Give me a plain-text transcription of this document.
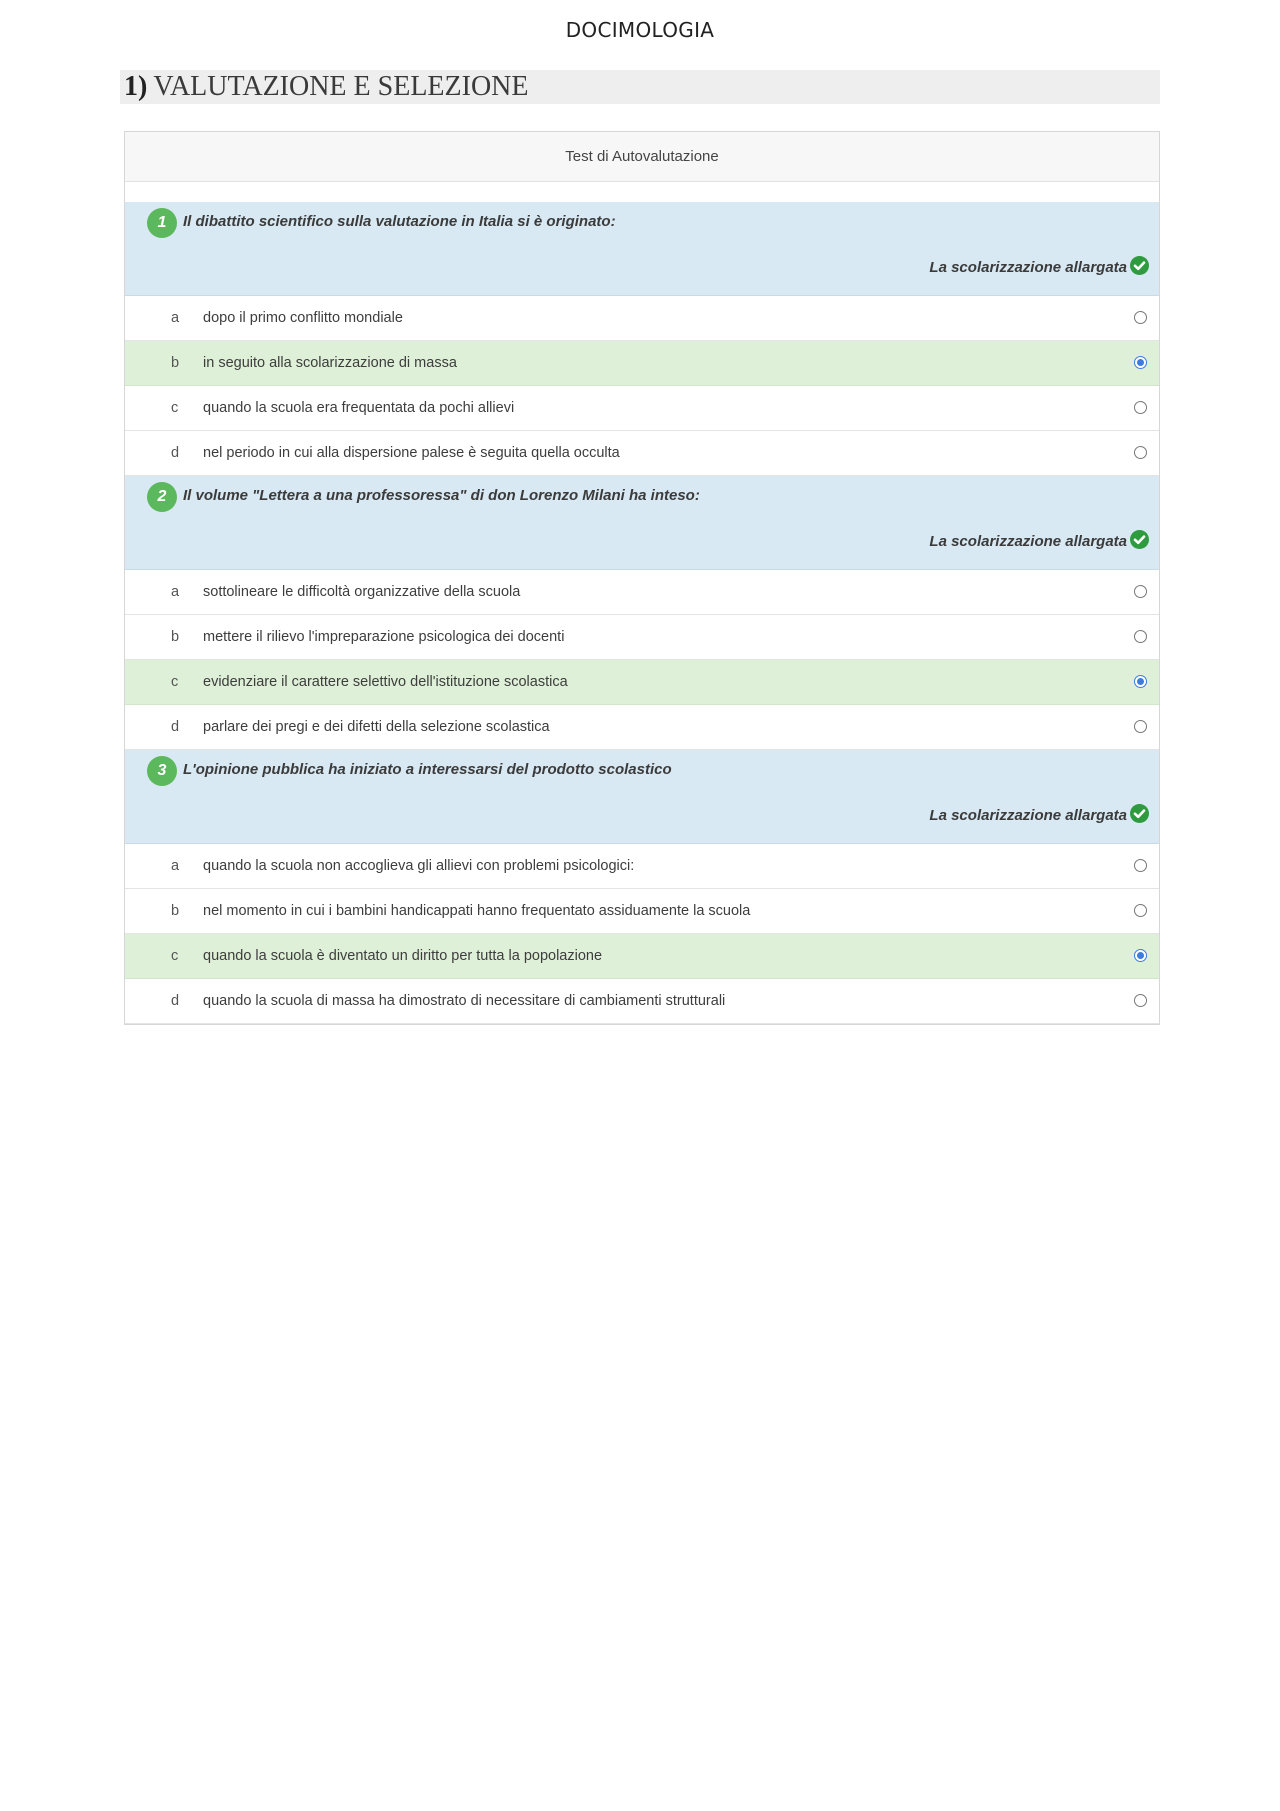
DOCIMOLOGIA
1) VALUTAZIONE E SELEZIONE
Test di Autovalutazione
1	Il dibattito scientifico sulla valutazione in Italia si è originato:
La scolarizzazione allargata
a dopo il primo conflitto mondiale
b in seguito alla scolarizzazione di massa
c quando la scuola era frequentata da pochi allievi
d nel periodo in cui alla dispersione palese è seguita quella occulta
2	Il volume "Lettera a una professoressa" di don Lorenzo Milani ha inteso:
La scolarizzazione allargata
a sottolineare le difficoltà organizzative della scuola
b mettere il rilievo l'impreparazione psicologica dei docenti
c evidenziare il carattere selettivo dell'istituzione scolastica
d parlare dei pregi e dei difetti della selezione scolastica
3	L'opinione pubblica ha iniziato a interessarsi del prodotto scolastico
La scolarizzazione allargata
a quando la scuola non accoglieva gli allievi con problemi psicologici:
b nel momento in cui i bambini handicappati hanno frequentato assiduamente la scuola
c quando la scuola è diventato un diritto per tutta la popolazione
d quando la scuola di massa ha dimostrato di necessitare di cambiamenti strutturali
